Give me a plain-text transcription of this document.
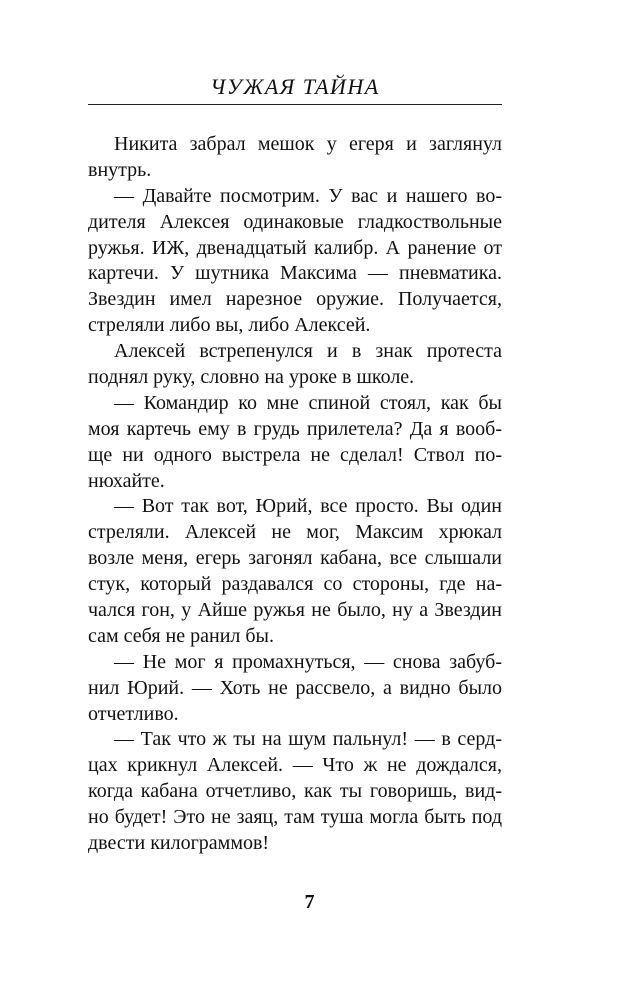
ЧУЖАЯ ТАЙНА
Никита забрал мешок у егеря и заглянул
внутрь.
— Давайте посмотрим. У вас и нашего во-
дителя Алексея одинаковые гладкоствольные
ружья. ИЖ, двенадцатый калибр. А ранение от
картечи. У шутника Максима — пневматика.
Звездин имел нарезное оружие. Получается,
стреляли либо вы, либо Алексей.
Алексей встрепенулся и в знак протеста
поднял руку, словно на уроке в школе.
— Командир ко мне спиной стоял, как бы
моя картечь ему в грудь прилетела? Да я вооб-
ще ни одного выстрела не сделал! Ствол по-
нюхайте.
— Вот так вот, Юрий, все просто. Вы один
стреляли. Алексей не мог, Максим хрюкал
возле меня, егерь загонял кабана, все слышали
стук, который раздавался со стороны, где на-
чался гон, у Айше ружья не было, ну а Звездин
сам себя не ранил бы.
— Не мог я промахнуться, — снова забуб-
нил Юрий. — Хоть не рассвело, а видно было
отчетливо.
— Так что ж ты на шум пальнул! — в серд-
цах крикнул Алексей. — Что ж не дождался,
когда кабана отчетливо, как ты говоришь, вид-
но будет! Это не заяц, там туша могла быть под
двести килограммов!
7
